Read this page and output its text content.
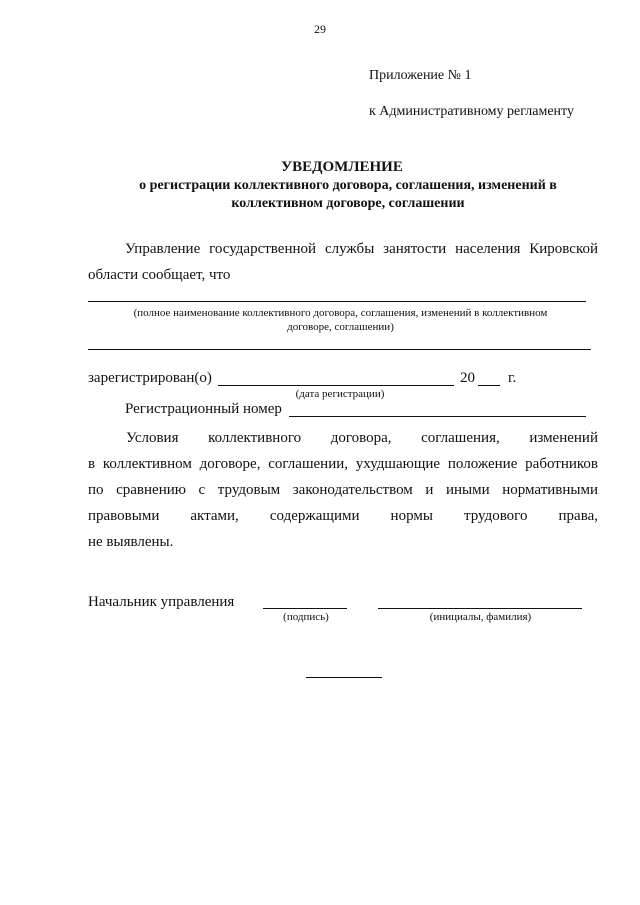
29
Приложение № 1
к Административному регламенту
УВЕДОМЛЕНИЕ
о регистрации коллективного договора, соглашения, изменений в
коллективном договоре, соглашении
Управление государственной службы занятости населения Кировской
области сообщает, что
(полное наименование коллективного договора, соглашения, изменений в коллективном
договоре, соглашении)
зарегистрирован(о)
(дата регистрации)
20 г.
Регистрационный номер
Условия коллективного договора, соглашения, изменений
в коллективном договоре, соглашении, ухудшающие положение работников
по сравнению с трудовым законодательством и иными нормативными
правовыми актами, содержащими нормы трудового права,
не выявлены.
Начальник управления
(подпись)	(инициалы, фамилия)
